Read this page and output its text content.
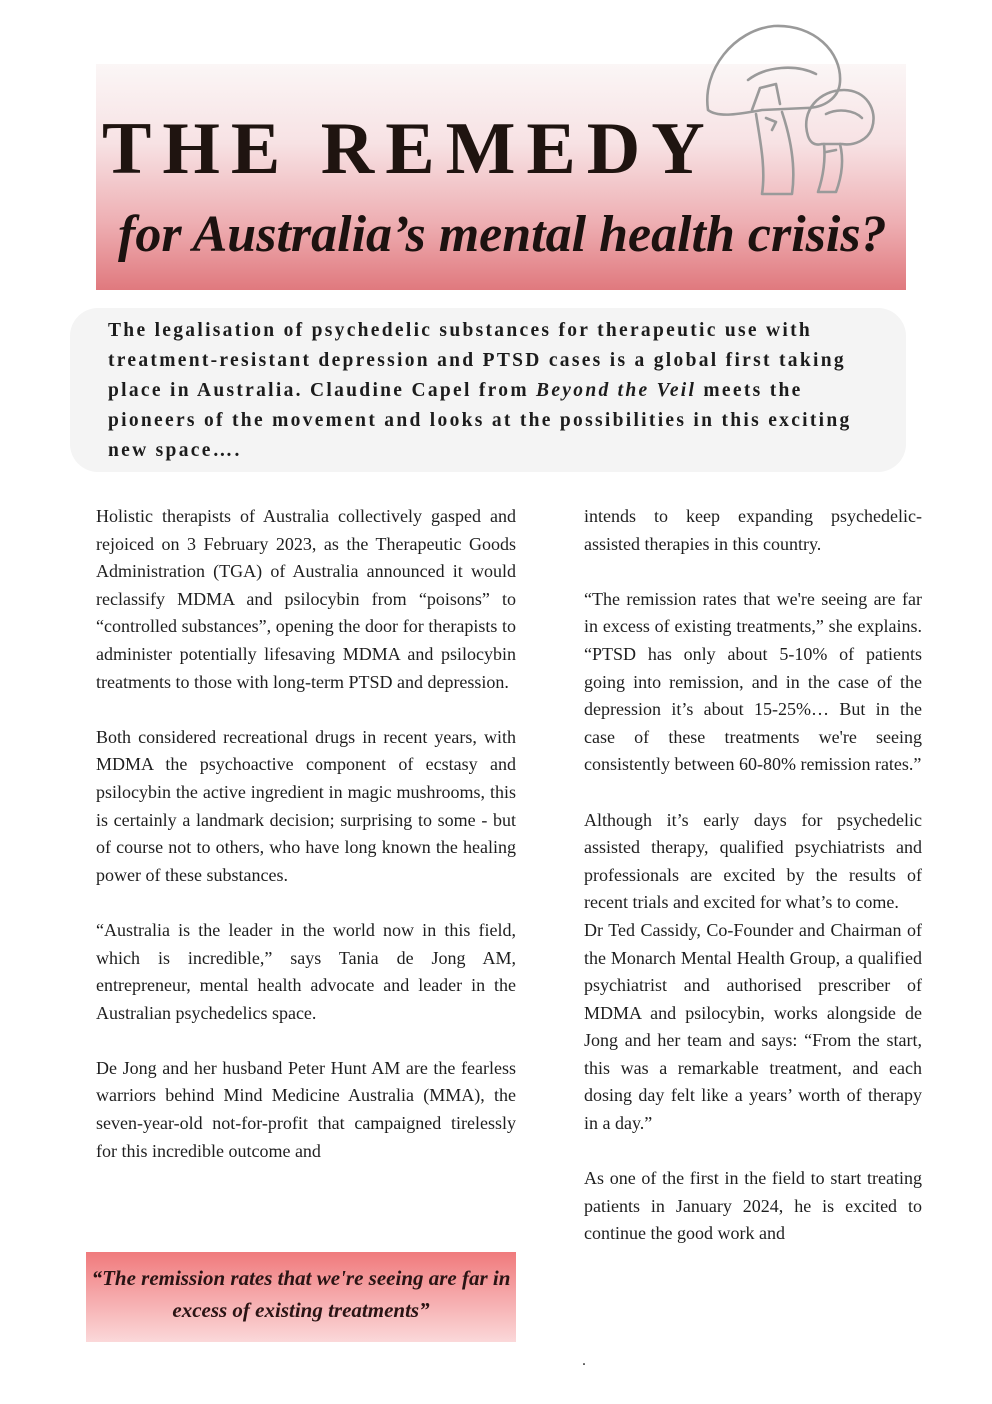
THE REMEDY
for Australia’s mental health crisis?

The legalisation of psychedelic substances for therapeutic use with treatment-resistant depression and PTSD cases is a global first taking place in Australia. Claudine Capel from Beyond the Veil meets the pioneers of the movement and looks at the possibilities in this exciting new space….

Holistic therapists of Australia collectively gasped and rejoiced on 3 February 2023, as the Therapeutic Goods Administration (TGA) of Australia announced it would reclassify MDMA and psilocybin from “poisons” to “controlled substances”, opening the door for therapists to administer potentially lifesaving MDMA and psilocybin treatments to those with long-term PTSD and depression.

Both considered recreational drugs in recent years, with MDMA the psychoactive component of ecstasy and psilocybin the active ingredient in magic mushrooms, this is certainly a landmark decision; surprising to some - but of course not to others, who have long known the healing power of these substances.

“Australia is the leader in the world now in this field, which is incredible,” says Tania de Jong AM, entrepreneur, mental health advocate and leader in the Australian psychedelics space.

De Jong and her husband Peter Hunt AM are the fearless warriors behind Mind Medicine Australia (MMA), the seven-year-old not-for-profit that campaigned tirelessly for this incredible outcome and

intends to keep expanding psychedelic-assisted therapies in this country.

“The remission rates that we're seeing are far in excess of existing treatments,” she explains. “PTSD has only about 5-10% of patients going into remission, and in the case of the depression it’s about 15-25%… But in the case of these treatments we're seeing consistently between 60-80% remission rates.”

Although it’s early days for psychedelic assisted therapy, qualified psychiatrists and professionals are excited by the results of recent trials and excited for what’s to come.

Dr Ted Cassidy, Co-Founder and Chairman of the Monarch Mental Health Group, a qualified psychiatrist and authorised prescriber of MDMA and psilocybin, works alongside de Jong and her team and says: “From the start, this was a remarkable treatment, and each dosing day felt like a years’ worth of therapy in a day.”

As one of the first in the field to start treating patients in January 2024, he is excited to continue the good work and

“The remission rates that we're seeing are far in excess of existing treatments”

.
